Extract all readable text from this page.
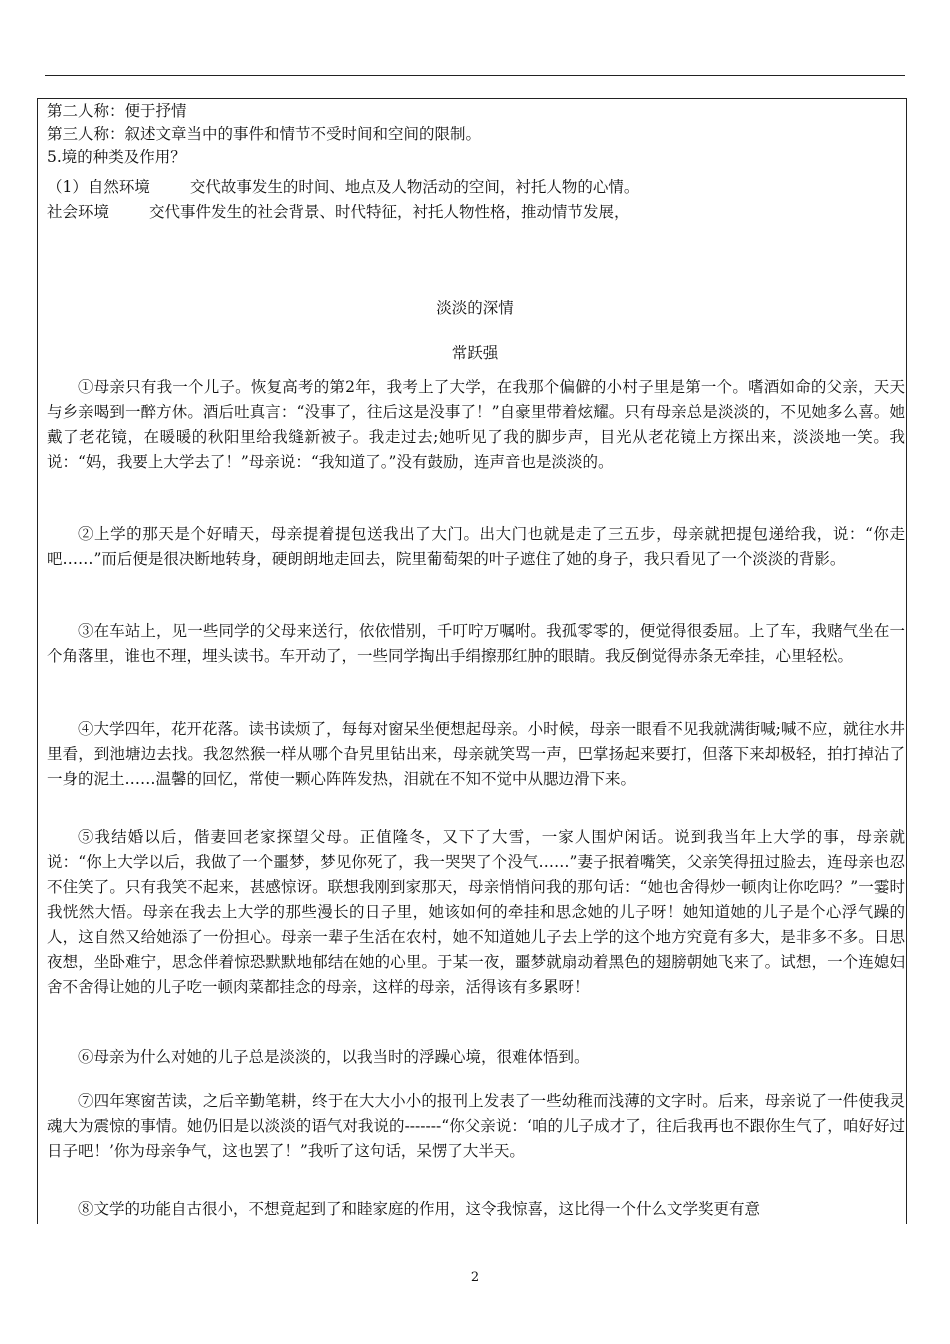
第二人称：便于抒情
第三人称：叙述文章当中的事件和情节不受时间和空间的限制。
5.境的种类及作用？
（1）自然环境	交代故事发生的时间、地点及人物活动的空间，衬托人物的心情。
社会环境	交代事件发生的社会背景、时代特征，衬托人物性格，推动情节发展，
淡淡的深情
常跃强
①母亲只有我一个儿子。恢复高考的第2年，我考上了大学，在我那个偏僻的小村子里是第一个。嗜酒如命的父亲，天天与乡亲喝到一醉方休。酒后吐真言：“没事了，往后这是没事了！”自豪里带着炫耀。只有母亲总是淡淡的，不见她多么喜。她戴了老花镜，在暖暖的秋阳里给我缝新被子。我走过去;她听见了我的脚步声，目光从老花镜上方探出来，淡淡地一笑。我说：“妈，我要上大学去了！”母亲说：“我知道了。”没有鼓励，连声音也是淡淡的。
②上学的那天是个好晴天，母亲提着提包送我出了大门。出大门也就是走了三五步，母亲就把提包递给我，说：“你走吧……”而后便是很决断地转身，硬朗朗地走回去，院里葡萄架的叶子遮住了她的身子，我只看见了一个淡淡的背影。
③在车站上，见一些同学的父母来送行，依依惜别，千叮咛万嘱咐。我孤零零的，便觉得很委屈。上了车，我赌气坐在一个角落里，谁也不理，埋头读书。车开动了，一些同学掏出手绢擦那红肿的眼睛。我反倒觉得赤条无牵挂，心里轻松。
④大学四年，花开花落。读书读烦了，每每对窗呆坐便想起母亲。小时候，母亲一眼看不见我就满街喊;喊不应，就往水井里看，到池塘边去找。我忽然猴一样从哪个旮旯里钻出来，母亲就笑骂一声，巴掌扬起来要打，但落下来却极轻，拍打掉沾了一身的泥土……温馨的回忆，常使一颗心阵阵发热，泪就在不知不觉中从腮边滑下来。
⑤我结婚以后，偕妻回老家探望父母。正值隆冬，又下了大雪，一家人围炉闲话。说到我当年上大学的事，母亲就说：“你上大学以后，我做了一个噩梦，梦见你死了，我一哭哭了个没气……”妻子抿着嘴笑，父亲笑得扭过脸去，连母亲也忍不住笑了。只有我笑不起来，甚感惊讶。联想我刚到家那天，母亲悄悄问我的那句话：“她也舍得炒一顿肉让你吃吗？”一霎时我恍然大悟。母亲在我去上大学的那些漫长的日子里，她该如何的牵挂和思念她的儿子呀！她知道她的儿子是个心浮气躁的人，这自然又给她添了一份担心。母亲一辈子生活在农村，她不知道她儿子去上学的这个地方究竟有多大，是非多不多。日思夜想，坐卧难宁，思念伴着惊恐默默地郁结在她的心里。于某一夜，噩梦就扇动着黑色的翅膀朝她飞来了。试想，一个连媳妇舍不舍得让她的儿子吃一顿肉菜都挂念的母亲，这样的母亲，活得该有多累呀！
⑥母亲为什么对她的儿子总是淡淡的，以我当时的浮躁心境，很难体悟到。
⑦四年寒窗苦读，之后辛勤笔耕，终于在大大小小的报刊上发表了一些幼稚而浅薄的文字时。后来，母亲说了一件使我灵魂大为震惊的事情。她仍旧是以淡淡的语气对我说的-------“你父亲说：‘咱的儿子成才了，往后我再也不跟你生气了，咱好好过日子吧！’你为母亲争气，这也罢了！”我听了这句话，呆愣了大半天。
⑧文学的功能自古很小，不想竟起到了和睦家庭的作用，这令我惊喜，这比得一个什么文学奖更有意
2
